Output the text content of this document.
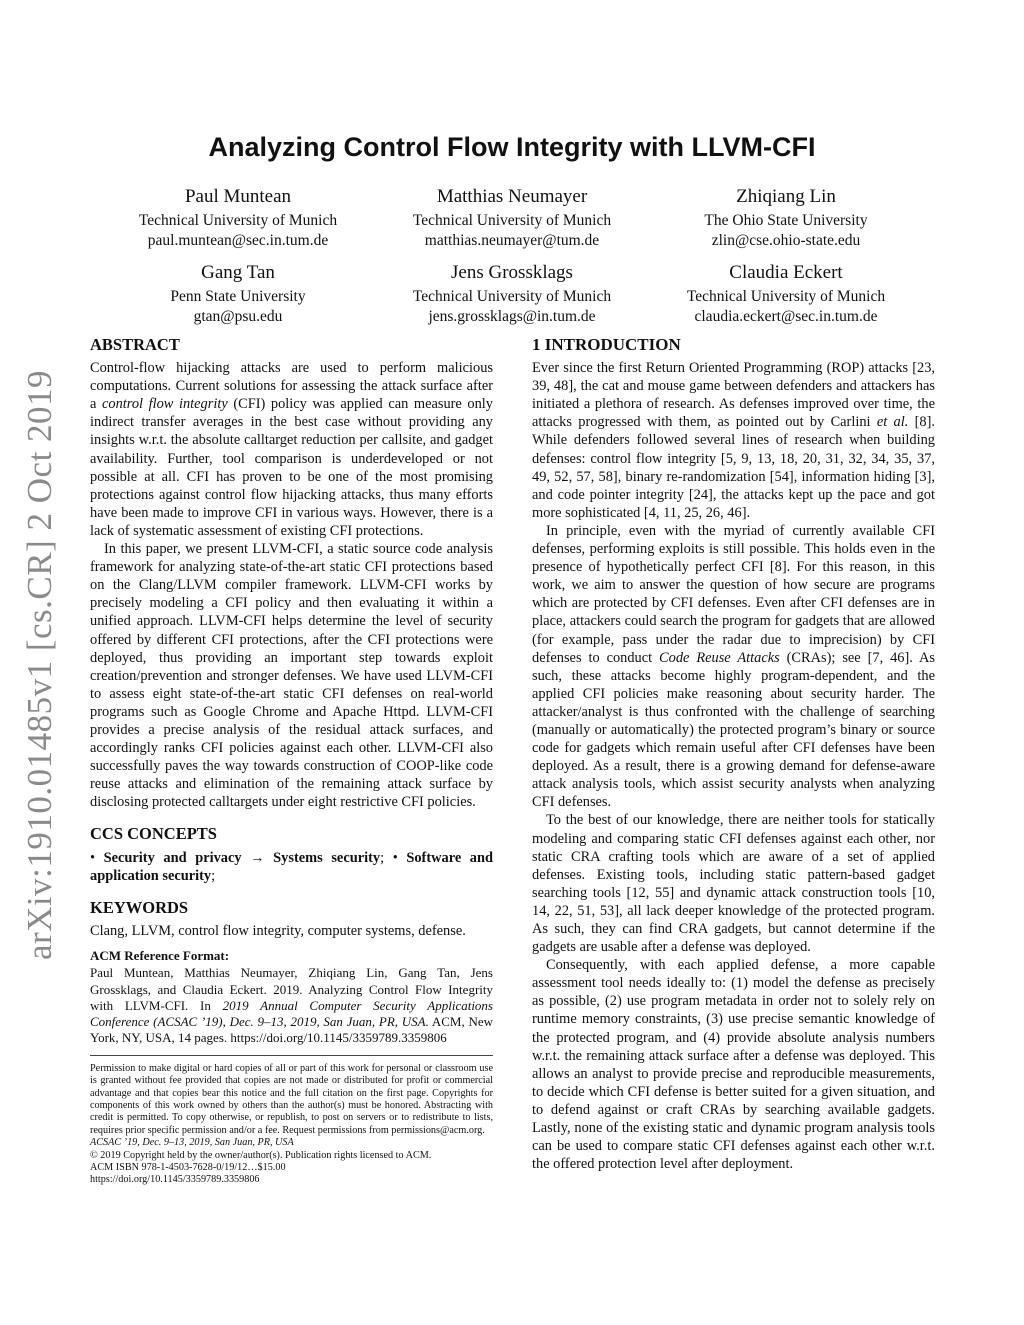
arXiv:1910.01485v1 [cs.CR] 2 Oct 2019
Analyzing Control Flow Integrity with LLVM-CFI
Paul Muntean
Technical University of Munich
paul.muntean@sec.in.tum.de
Matthias Neumayer
Technical University of Munich
matthias.neumayer@tum.de
Zhiqiang Lin
The Ohio State University
zlin@cse.ohio-state.edu
Gang Tan
Penn State University
gtan@psu.edu
Jens Grossklags
Technical University of Munich
jens.grossklags@in.tum.de
Claudia Eckert
Technical University of Munich
claudia.eckert@sec.in.tum.de
ABSTRACT

Control-flow hijacking attacks are used to perform malicious computations. Current solutions for assessing the attack surface after a control flow integrity (CFI) policy was applied can measure only indirect transfer averages in the best case without providing any insights w.r.t. the absolute calltarget reduction per callsite, and gadget availability. Further, tool comparison is underdeveloped or not possible at all. CFI has proven to be one of the most promising protections against control flow hijacking attacks, thus many efforts have been made to improve CFI in various ways. However, there is a lack of systematic assessment of existing CFI protections.

In this paper, we present LLVM-CFI, a static source code analysis framework for analyzing state-of-the-art static CFI protections based on the Clang/LLVM compiler framework. LLVM-CFI works by precisely modeling a CFI policy and then evaluating it within a unified approach. LLVM-CFI helps determine the level of security offered by different CFI protections, after the CFI protections were deployed, thus providing an important step towards exploit creation/prevention and stronger defenses. We have used LLVM-CFI to assess eight state-of-the-art static CFI defenses on real-world programs such as Google Chrome and Apache Httpd. LLVM-CFI provides a precise analysis of the residual attack surfaces, and accordingly ranks CFI policies against each other. LLVM-CFI also successfully paves the way towards construction of COOP-like code reuse attacks and elimination of the remaining attack surface by disclosing protected calltargets under eight restrictive CFI policies.

CCS CONCEPTS

• Security and privacy → Systems security; • Software and application security;

KEYWORDS

Clang, LLVM, control flow integrity, computer systems, defense.

ACM Reference Format:

Paul Muntean, Matthias Neumayer, Zhiqiang Lin, Gang Tan, Jens Grossklags, and Claudia Eckert. 2019. Analyzing Control Flow Integrity with LLVM-CFI. In 2019 Annual Computer Security Applications Conference (ACSAC ’19), Dec. 9–13, 2019, San Juan, PR, USA. ACM, New York, NY, USA, 14 pages. https://doi.org/10.1145/3359789.3359806

Permission to make digital or hard copies of all or part of this work for personal or classroom use is granted without fee provided that copies are not made or distributed for profit or commercial advantage and that copies bear this notice and the full citation on the first page. Copyrights for components of this work owned by others than the author(s) must be honored. Abstracting with credit is permitted. To copy otherwise, or republish, to post on servers or to redistribute to lists, requires prior specific permission and/or a fee. Request permissions from permissions@acm.org.

ACSAC ’19, Dec. 9–13, 2019, San Juan, PR, USA

© 2019 Copyright held by the owner/author(s). Publication rights licensed to ACM.

ACM ISBN 978-1-4503-7628-0/19/12…$15.00

https://doi.org/10.1145/3359789.3359806

1 INTRODUCTION

Ever since the first Return Oriented Programming (ROP) attacks [23, 39, 48], the cat and mouse game between defenders and attackers has initiated a plethora of research. As defenses improved over time, the attacks progressed with them, as pointed out by Carlini et al. [8]. While defenders followed several lines of research when building defenses: control flow integrity [5, 9, 13, 18, 20, 31, 32, 34, 35, 37, 49, 52, 57, 58], binary re-randomization [54], information hiding [3], and code pointer integrity [24], the attacks kept up the pace and got more sophisticated [4, 11, 25, 26, 46].

In principle, even with the myriad of currently available CFI defenses, performing exploits is still possible. This holds even in the presence of hypothetically perfect CFI [8]. For this reason, in this work, we aim to answer the question of how secure are programs which are protected by CFI defenses. Even after CFI defenses are in place, attackers could search the program for gadgets that are allowed (for example, pass under the radar due to imprecision) by CFI defenses to conduct Code Reuse Attacks (CRAs); see [7, 46]. As such, these attacks become highly program-dependent, and the applied CFI policies make reasoning about security harder. The attacker/analyst is thus confronted with the challenge of searching (manually or automatically) the protected program’s binary or source code for gadgets which remain useful after CFI defenses have been deployed. As a result, there is a growing demand for defense-aware attack analysis tools, which assist security analysts when analyzing CFI defenses.

To the best of our knowledge, there are neither tools for statically modeling and comparing static CFI defenses against each other, nor static CRA crafting tools which are aware of a set of applied defenses. Existing tools, including static pattern-based gadget searching tools [12, 55] and dynamic attack construction tools [10, 14, 22, 51, 53], all lack deeper knowledge of the protected program. As such, they can find CRA gadgets, but cannot determine if the gadgets are usable after a defense was deployed.

Consequently, with each applied defense, a more capable assessment tool needs ideally to: (1) model the defense as precisely as possible, (2) use program metadata in order not to solely rely on runtime memory constraints, (3) use precise semantic knowledge of the protected program, and (4) provide absolute analysis numbers w.r.t. the remaining attack surface after a defense was deployed. This allows an analyst to provide precise and reproducible measurements, to decide which CFI defense is better suited for a given situation, and to defend against or craft CRAs by searching available gadgets. Lastly, none of the existing static and dynamic program analysis tools can be used to compare static CFI defenses against each other w.r.t. the offered protection level after deployment.
